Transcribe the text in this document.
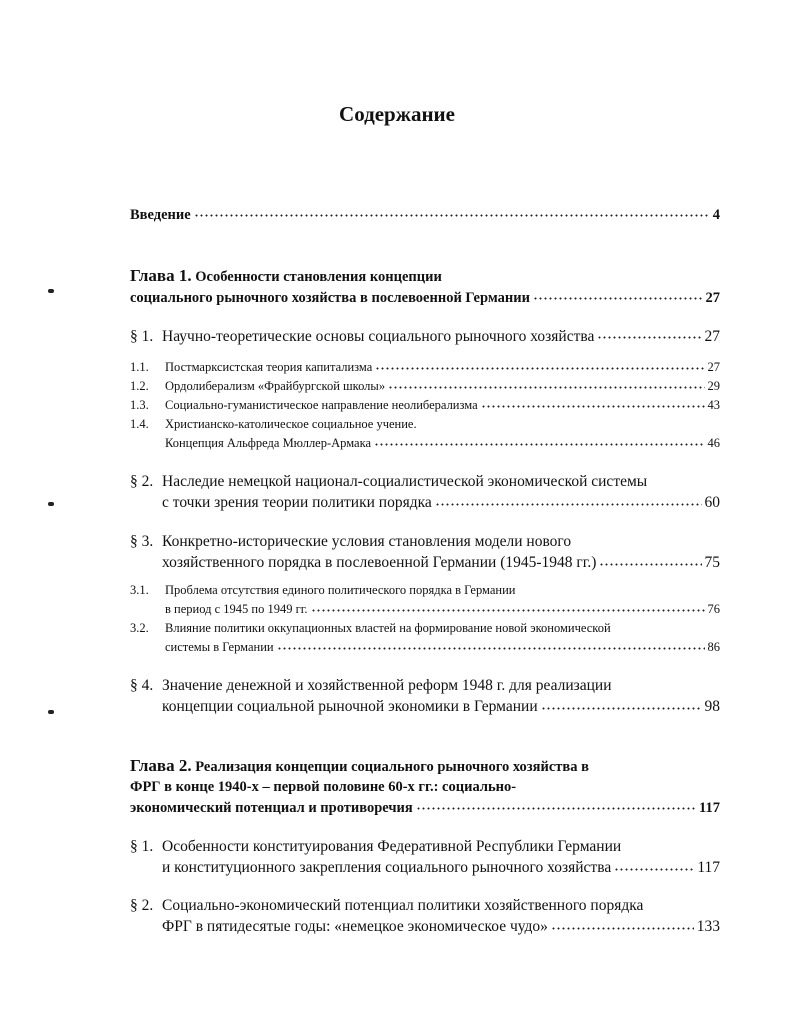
Содержание
Введение	4
Глава 1.
Особенности становления концепции
социального рыночного хозяйства в послевоенной Германии	27
§ 1. Научно-теоретические основы социального рыночного хозяйства	27
1.1.	Постмарксистская теория капитализма	27
1.2.	Ордолиберализм «Фрайбургской школы»	29
1.3.	Социально-гуманистическое направление неолиберализма	43
1.4.	Христианско-католическое социальное учение.
Концепция Альфреда Мюллер-Армака	46
§ 2. Наследие немецкой национал-социалистической экономической системы
с точки зрения теории политики порядка	60
§ 3. Конкретно-исторические условия становления модели нового
хозяйственного порядка в послевоенной Германии (1945-1948 гг.)	75
3.1.	Проблема отсутствия единого политического порядка в Германии
в период с 1945 по 1949 гг.	76
3.2.	Влияние политики оккупационных властей на формирование новой экономической
системы в Германии	86
§ 4. Значение денежной и хозяйственной реформ 1948 г. для реализации
концепции социальной рыночной экономики в Германии	98
Глава 2.
Реализация концепции социального рыночного хозяйства в
ФРГ в конце 1940-х – первой половине 60-х гг.: социально-
экономический потенциал и противоречия	117
§ 1. Особенности конституирования Федеративной Республики Германии
и конституционного закрепления социального рыночного хозяйства	117
§ 2. Социально-экономический потенциал политики хозяйственного порядка
ФРГ в пятидесятые годы: «немецкое экономическое чудо»	133
